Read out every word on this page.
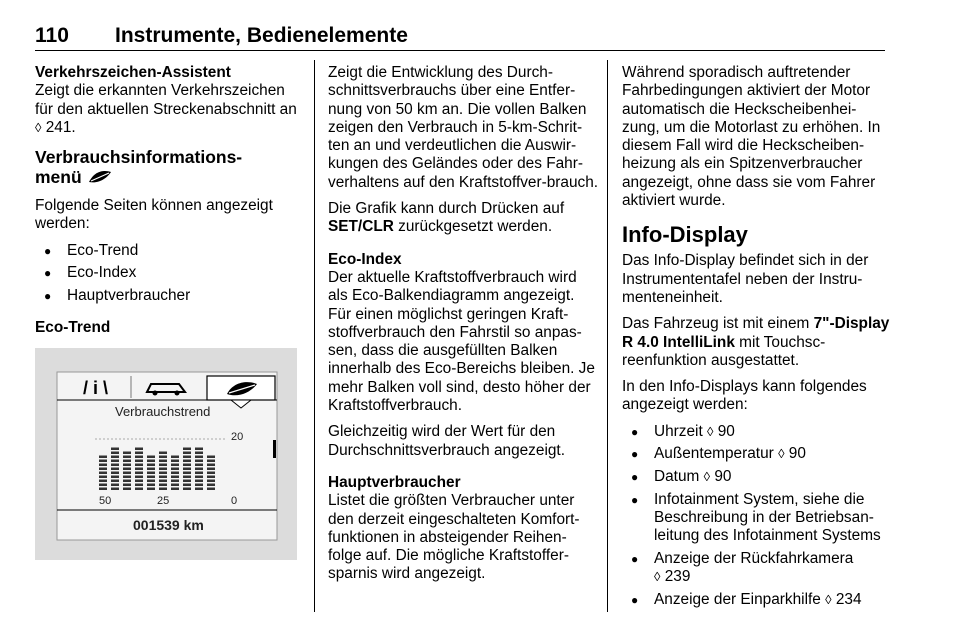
110 Instrumente, Bedienelemente
Verkehrszeichen-Assistent

Zeigt die erkannten Verkehrszeichen für den aktuellen Streckenabschnitt an ◊ 241.

Verbrauchsinformations-
menü

Folgende Seiten können angezeigt werden:

● Eco-Trend
● Eco-Index
● Hauptverbraucher
Eco-Trend
/ i \
Verbrauchstrend
20
50	25	0
001539 km

Zeigt die Entwicklung des Durch-schnittsverbrauchs über eine Entfer-nung von 50 km an. Die vollen Balken zeigen den Verbrauch in 5-km-Schrit-ten an und verdeutlichen die Auswir-kungen des Geländes oder des Fahr-verhaltens auf den Kraftstoffver-brauch.

Die Grafik kann durch Drücken auf SET/CLR zurückgesetzt werden.

Eco-Index

Der aktuelle Kraftstoffverbrauch wird als Eco-Balkendiagramm angezeigt. Für einen möglichst geringen Kraft-stoffverbrauch den Fahrstil so anpas-sen, dass die ausgefüllten Balken innerhalb des Eco-Bereichs bleiben. Je mehr Balken voll sind, desto höher der Kraftstoffverbrauch.

Gleichzeitig wird der Wert für den Durchschnittsverbrauch angezeigt.

Hauptverbraucher

Listet die größten Verbraucher unter den derzeit eingeschalteten Komfort-funktionen in absteigender Reihen-folge auf. Die mögliche Kraftstoffer-sparnis wird angezeigt.

Während sporadisch auftretender Fahrbedingungen aktiviert der Motor automatisch die Heckscheibenhei-zung, um die Motorlast zu erhöhen. In diesem Fall wird die Heckscheiben-heizung als ein Spitzenverbraucher angezeigt, ohne dass sie vom Fahrer aktiviert wurde.

Info-Display

Das Info-Display befindet sich in der Instrumententafel neben der Instru-menteneinheit.

Das Fahrzeug ist mit einem 7"-Display R 4.0 IntelliLink mit Touchsc-reenfunktion ausgestattet.

In den Info-Displays kann folgendes angezeigt werden:

● Uhrzeit ◊ 90
● Außentemperatur ◊ 90
● Datum ◊ 90
● Infotainment System, siehe die Beschreibung in der Betriebsan-leitung des Infotainment Systems
● Anzeige der Rückfahrkamera
◊ 239
● Anzeige der Einparkhilfe ◊ 234
